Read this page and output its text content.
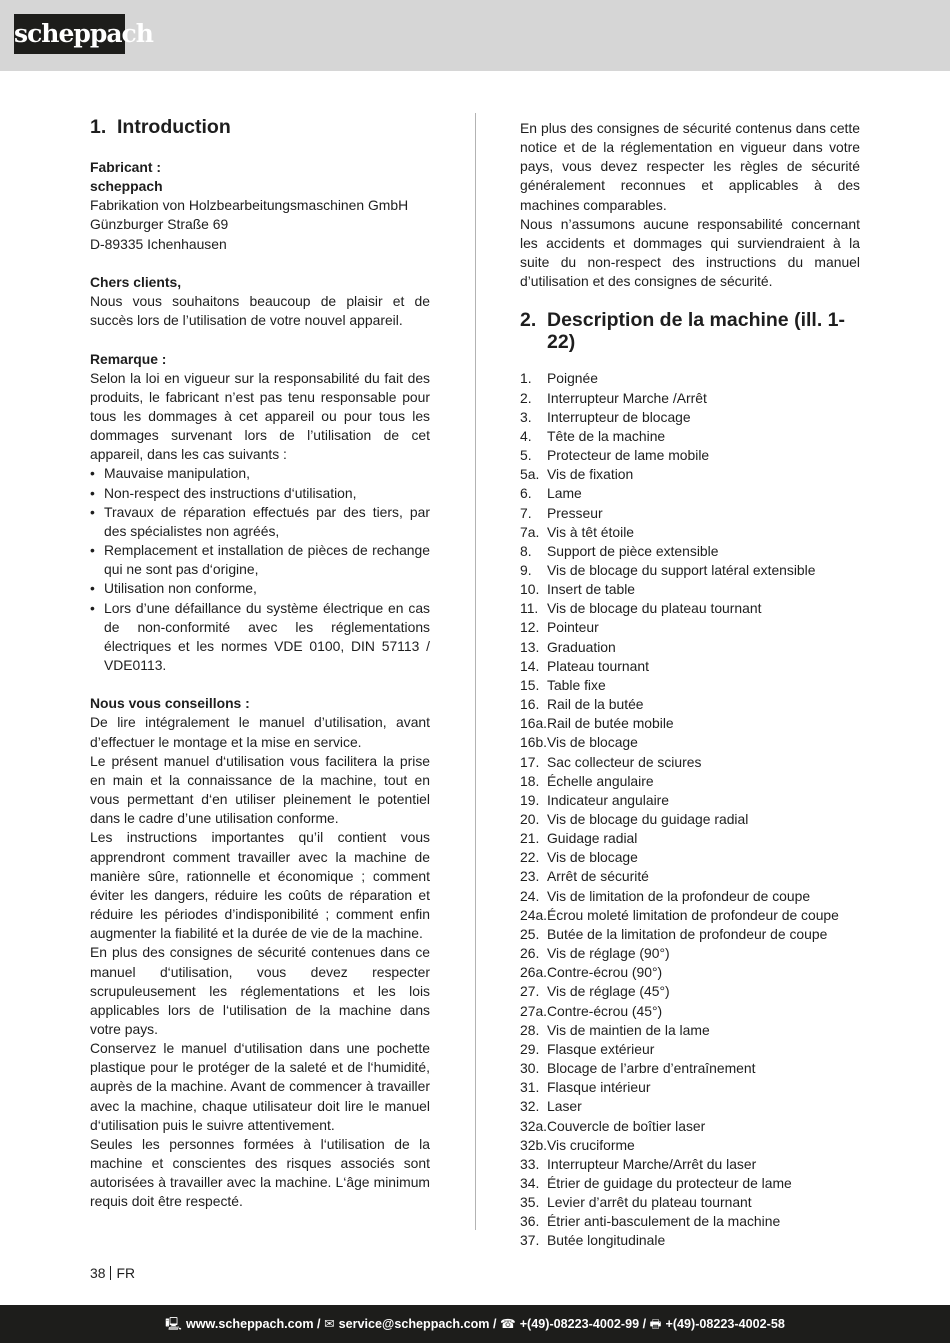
scheppach
1. Introduction

Fabricant :

scheppach

Fabrikation von Holzbearbeitungsmaschinen GmbH

Günzburger Straße 69

D-89335 Ichenhausen

Chers clients,

Nous vous souhaitons beaucoup de plaisir et de succès lors de l’utilisation de votre nouvel appareil.

Remarque :

Selon la loi en vigueur sur la responsabilité du fait des produits, le fabricant n’est pas tenu responsable pour tous les dommages à cet appareil ou pour tous les dommages survenant lors de l’utilisation de cet appareil, dans les cas suivants :

• Mauvaise manipulation,
• Non-respect des instructions d‘utilisation,
• Travaux de réparation effectués par des tiers, par des spécialistes non agréés,
• Remplacement et installation de pièces de rechange qui ne sont pas d‘origine,
• Utilisation non conforme,
• Lors d’une défaillance du système électrique en cas de non-conformité avec les réglementations électriques et les normes VDE 0100, DIN 57113 / VDE0113.

Nous vous conseillons :

De lire intégralement le manuel d’utilisation, avant d’effectuer le montage et la mise en service.

Le présent manuel d‘utilisation vous facilitera la prise en main et la connaissance de la machine, tout en vous permettant d‘en utiliser pleinement le potentiel dans le cadre d’une utilisation conforme.

Les instructions importantes qu’il contient vous apprendront comment travailler avec la machine de manière sûre, rationnelle et économique ; comment éviter les dangers, réduire les coûts de réparation et réduire les périodes d’indisponibilité ; comment enfin augmenter la fiabilité et la durée de vie de la machine.

En plus des consignes de sécurité contenues dans ce manuel d‘utilisation, vous devez respecter scrupuleusement les réglementations et les lois applicables lors de l‘utilisation de la machine dans votre pays.

Conservez le manuel d‘utilisation dans une pochette plastique pour le protéger de la saleté et de l‘humidité, auprès de la machine. Avant de commencer à travailler avec la machine, chaque utilisateur doit lire le manuel d‘utilisation puis le suivre attentivement.

Seules les personnes formées à l‘utilisation de la machine et conscientes des risques associés sont autorisées à travailler avec la machine. L‘âge minimum requis doit être respecté.

En plus des consignes de sécurité contenus dans cette notice et de la réglementation en vigueur dans votre pays, vous devez respecter les règles de sécurité généralement reconnues et applicables à des machines comparables.

Nous n’assumons aucune responsabilité concernant les accidents et dommages qui surviendraient à la suite du non-respect des instructions du manuel d’utilisation et des consignes de sécurité.

2. Description de la machine (ill. 1-22)
1.	Poignée
2.	Interrupteur Marche /Arrêt
3.	Interrupteur de blocage
4.	Tête de la machine
5.	Protecteur de lame mobile
5a. Vis de fixation
6.	Lame
7.	Presseur
7a. Vis à têt étoile
8.	Support de pièce extensible
9.	Vis de blocage du support latéral extensible
10. Insert de table
11. Vis de blocage du plateau tournant
12. Pointeur
13. Graduation
14. Plateau tournant
15. Table fixe
16. Rail de la butée
16a. Rail de butée mobile
16b. Vis de blocage
17. Sac collecteur de sciures
18. Échelle angulaire
19. Indicateur angulaire
20. Vis de blocage du guidage radial
21. Guidage radial
22. Vis de blocage
23. Arrêt de sécurité
24. Vis de limitation de la profondeur de coupe
24a. Écrou moleté limitation de profondeur de coupe
25. Butée de la limitation de profondeur de coupe
26. Vis de réglage (90°)
26a. Contre-écrou (90°)
27. Vis de réglage (45°)
27a. Contre-écrou (45°)
28. Vis de maintien de la lame
29. Flasque extérieur
30. Blocage de l’arbre d’entraînement
31. Flasque intérieur
32. Laser
32a. Couvercle de boîtier laser
32b. Vis cruciforme
33. Interrupteur Marche/Arrêt du laser
34. Étrier de guidage du protecteur de lame
35. Levier d’arrêt du plateau tournant
36. Étrier anti-basculement de la machine
37. Butée longitudinale
38 FR
🖳 www.scheppach.com / ✉ service@scheppach.com / ☎ +(49)-08223-4002-99 / 🖶 +(49)-08223-4002-58
